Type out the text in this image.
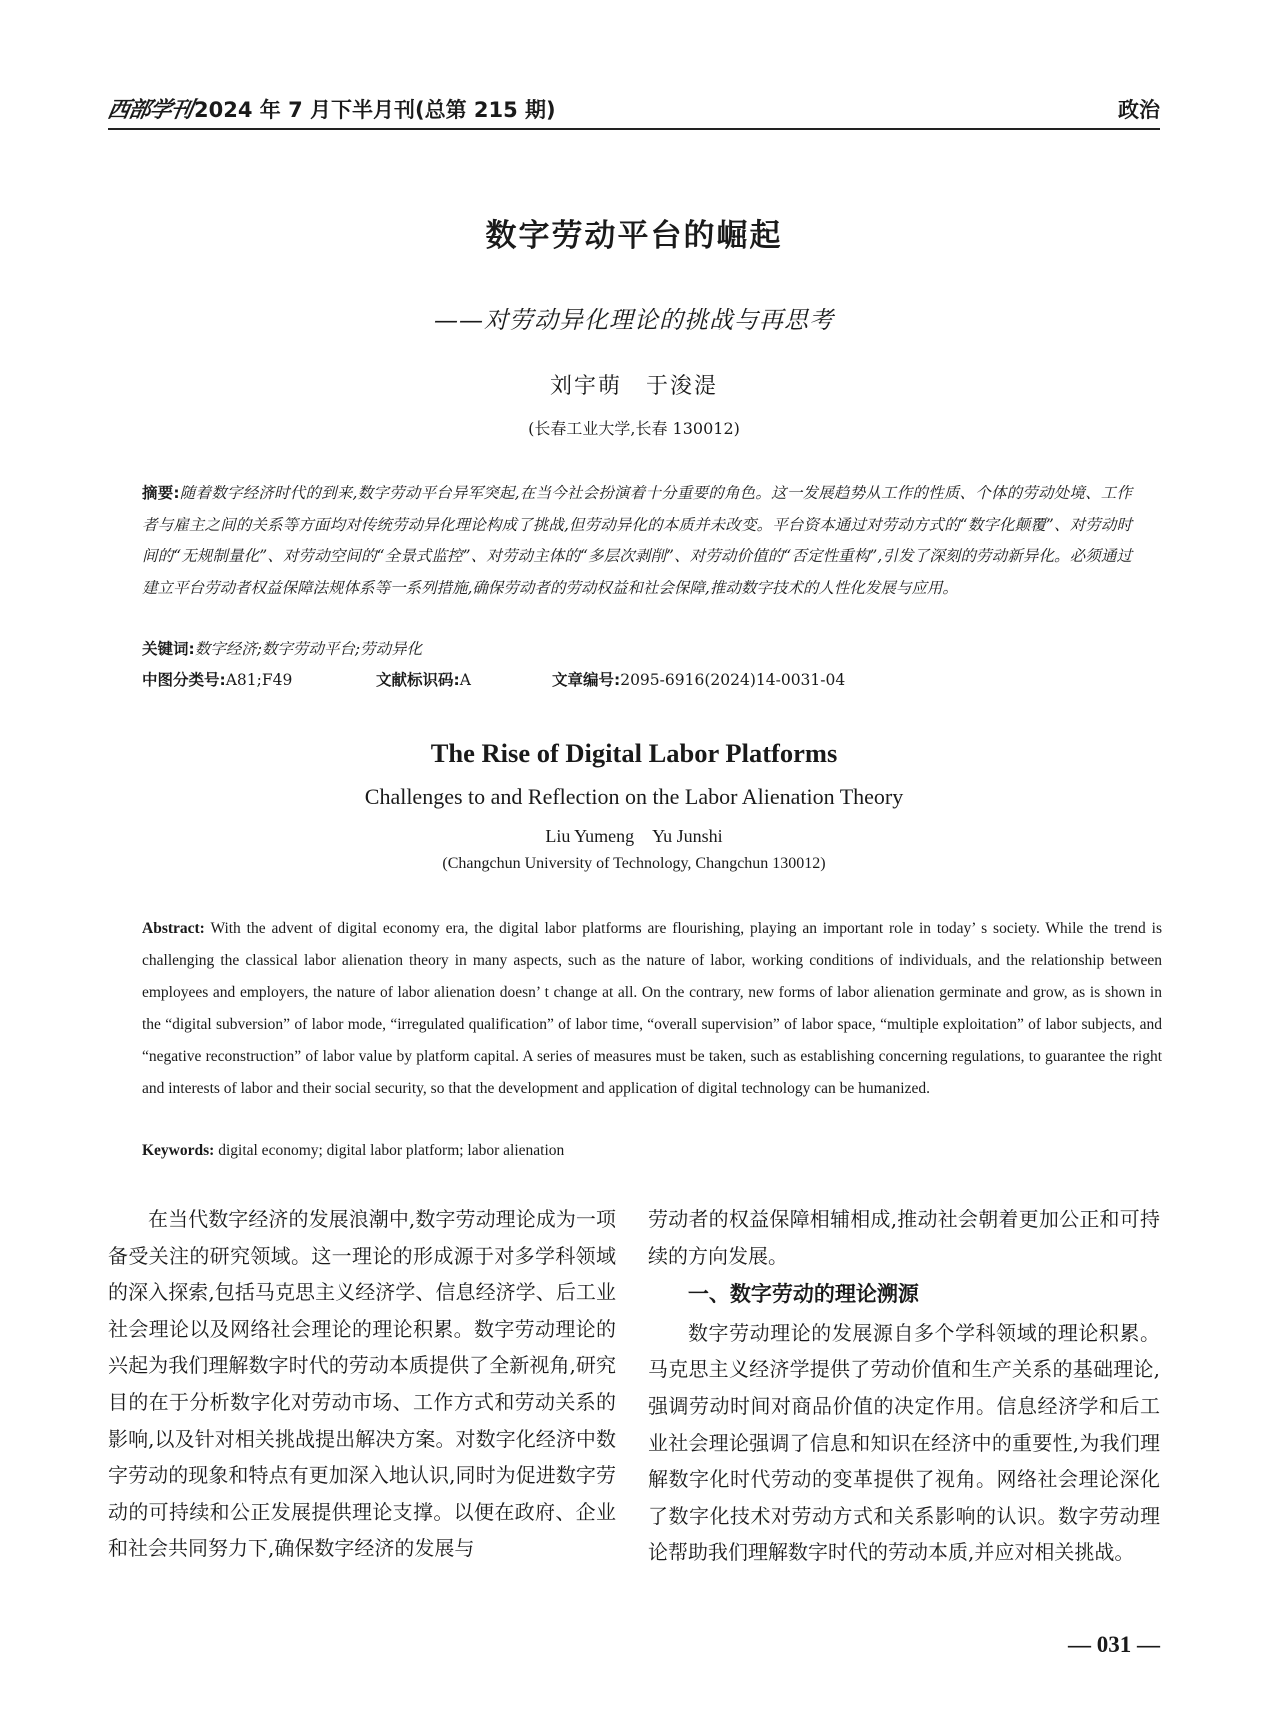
西部学刊 2024 年 7 月下半月刊(总第 215 期)	政治
数字劳动平台的崛起
——对劳动异化理论的挑战与再思考
刘宇萌　于浚湜
(长春工业大学,长春 130012)
摘要:随着数字经济时代的到来,数字劳动平台异军突起,在当今社会扮演着十分重要的角色。这一发展趋势从工作的性质、个体的劳动处境、工作者与雇主之间的关系等方面均对传统劳动异化理论构成了挑战,但劳动异化的本质并未改变。平台资本通过对劳动方式的“数字化颠覆”、对劳动时间的“无规制量化”、对劳动空间的“全景式监控”、对劳动主体的“多层次剥削”、对劳动价值的“否定性重构”,引发了深刻的劳动新异化。必须通过建立平台劳动者权益保障法规体系等一系列措施,确保劳动者的劳动权益和社会保障,推动数字技术的人性化发展与应用。
关键词:数字经济;数字劳动平台;劳动异化
中图分类号:A81;F49	文献标识码:A	文章编号:2095-6916(2024)14-0031-04
The Rise of Digital Labor Platforms
Challenges to and Reflection on the Labor Alienation Theory
Liu Yumeng　Yu Junshi
(Changchun University of Technology, Changchun 130012)
Abstract: With the advent of digital economy era, the digital labor platforms are flourishing, playing an important role in today’ s society. While the trend is challenging the classical labor alienation theory in many aspects, such as the nature of labor, working conditions of individuals, and the relationship between employees and employers, the nature of labor alienation doesn’ t change at all. On the contrary, new forms of labor alienation germinate and grow, as is shown in the “digital subversion” of labor mode, “irregulated qualification” of labor time, “overall supervision” of labor space, “multiple exploitation” of labor subjects, and “negative reconstruction” of labor value by platform capital. A series of measures must be taken, such as establishing concerning regulations, to guarantee the right and interests of labor and their social security, so that the development and application of digital technology can be humanized.
Keywords: digital economy; digital labor platform; labor alienation

在当代数字经济的发展浪潮中,数字劳动理论成为一项备受关注的研究领域。这一理论的形成源于对多学科领域的深入探索,包括马克思主义经济学、信息经济学、后工业社会理论以及网络社会理论的理论积累。数字劳动理论的兴起为我们理解数字时代的劳动本质提供了全新视角,研究目的在于分析数字化对劳动市场、工作方式和劳动关系的影响,以及针对相关挑战提出解决方案。对数字化经济中数字劳动的现象和特点有更加深入地认识,同时为促进数字劳动的可持续和公正发展提供理论支撑。以便在政府、企业和社会共同努力下,确保数字经济的发展与

劳动者的权益保障相辅相成,推动社会朝着更加公正和可持续的方向发展。

一、数字劳动的理论溯源

数字劳动理论的发展源自多个学科领域的理论积累。马克思主义经济学提供了劳动价值和生产关系的基础理论,强调劳动时间对商品价值的决定作用。信息经济学和后工业社会理论强调了信息和知识在经济中的重要性,为我们理解数字化时代劳动的变革提供了视角。网络社会理论深化了数字化技术对劳动方式和关系影响的认识。数字劳动理论帮助我们理解数字时代的劳动本质,并应对相关挑战。

— 031 —
